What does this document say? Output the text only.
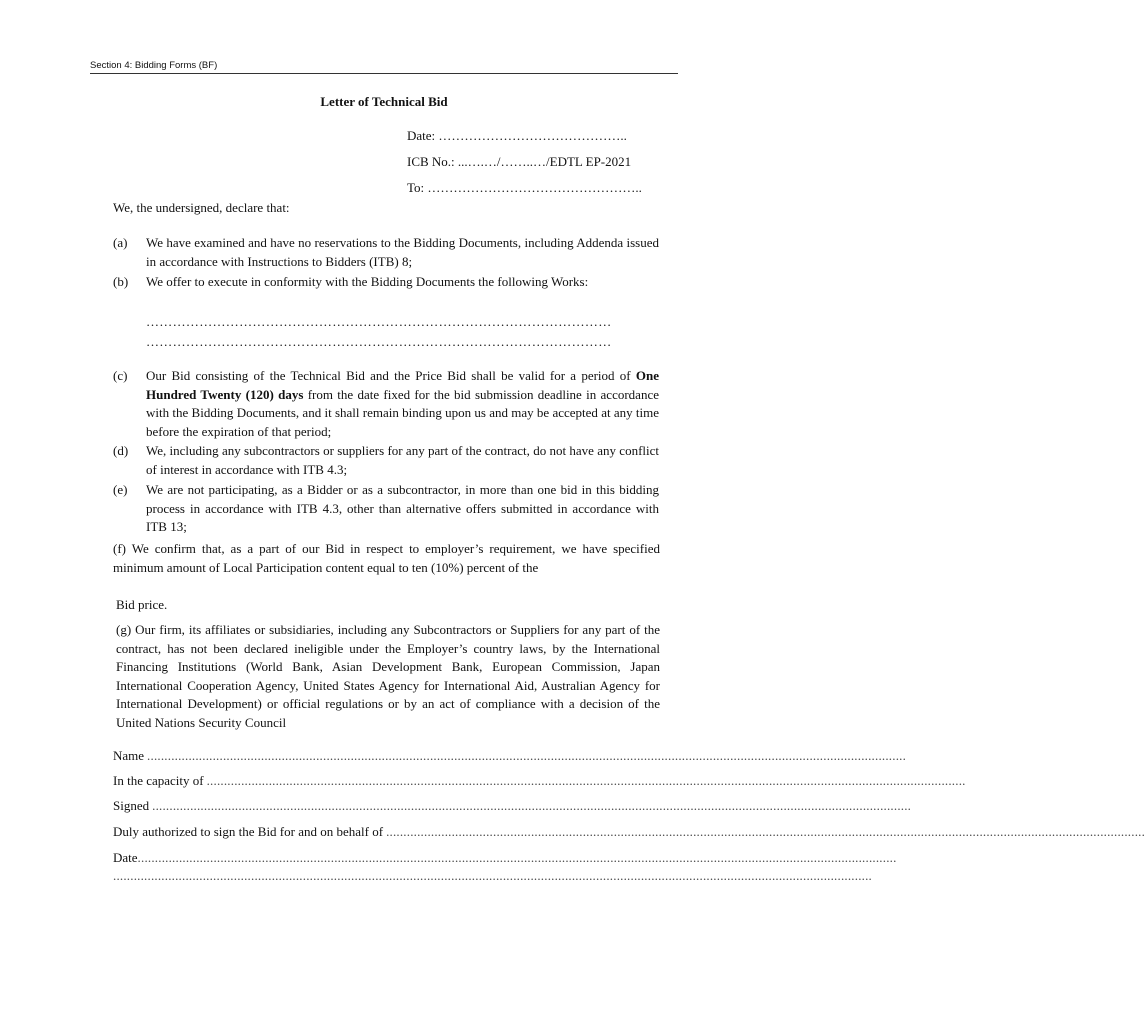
Section 4: Bidding Forms (BF)
Letter of Technical Bid
Date: ……………………………………..
ICB No.: ...….…/……..…/EDTL EP-2021
To: …………………………………………..
We, the undersigned, declare that:
(a) We have examined and have no reservations to the Bidding Documents, including Addenda issued in accordance with Instructions to Bidders (ITB) 8;
(b) We offer to execute in conformity with the Bidding Documents the following Works:
……………………………………………………………………………………………
……………………………………………………………………………………………
(c) Our Bid consisting of the Technical Bid and the Price Bid shall be valid for a period of One Hundred Twenty (120) days from the date fixed for the bid submission deadline in accordance with the Bidding Documents, and it shall remain binding upon us and may be accepted at any time before the expiration of that period;
(d) We, including any subcontractors or suppliers for any part of the contract, do not have any conflict of interest in accordance with ITB 4.3;
(e) We are not participating, as a Bidder or as a subcontractor, in more than one bid in this bidding process in accordance with ITB 4.3, other than alternative offers submitted in accordance with ITB 13;
(f) We confirm that, as a part of our Bid in respect to employer’s requirement, we have specified minimum amount of Local Participation content equal to ten (10%) percent of the
Bid price.
(g) Our firm, its affiliates or subsidiaries, including any Subcontractors or Suppliers for any part of the contract, has not been declared ineligible under the Employer’s country laws, by the International Financing Institutions (World Bank, Asian Development Bank, European Commission, Japan International Cooperation Agency, United States Agency for International Aid, Australian Agency for International Development) or official regulations or by an act of compliance with a decision of the United Nations Security Council
Name ............................................................................................................................................................................................................................
In the capacity of ............................................................................................................................................................................................................................
Signed ............................................................................................................................................................................................................................
Duly authorized to sign the Bid for and on behalf of ............................................................................................................................................................................................................................
Date ............................................................................................................................................................................................................................
............................................................................................................................................................................................................................
